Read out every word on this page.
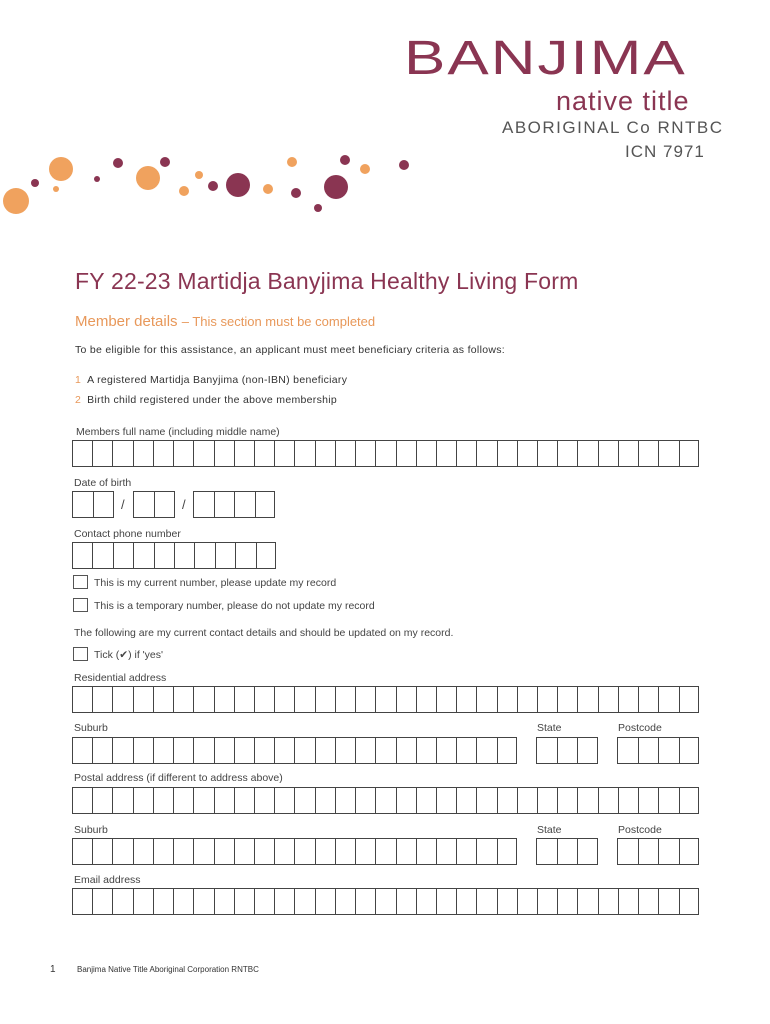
BANJIMA
native title
ABORIGINAL Co RNTBC
ICN 7971
FY 22-23 Martidja Banyjima Healthy Living Form
Member details – This section must be completed
To be eligible for this assistance, an applicant must meet beneficiary criteria as follows:
1 A registered Martidja Banyjima (non-IBN) beneficiary
2 Birth child registered under the above membership
Members full name (including middle name)
Date of birth
/	/
Contact phone number
This is my current number, please update my record
This is a temporary number, please do not update my record
The following are my current contact details and should be updated on my record.
Tick (✔) if 'yes'
Residential address
Suburb	State	Postcode
Postal address (if different to address above)
Suburb	State	Postcode
Email address
1	Banjima Native Title Aboriginal Corporation RNTBC
